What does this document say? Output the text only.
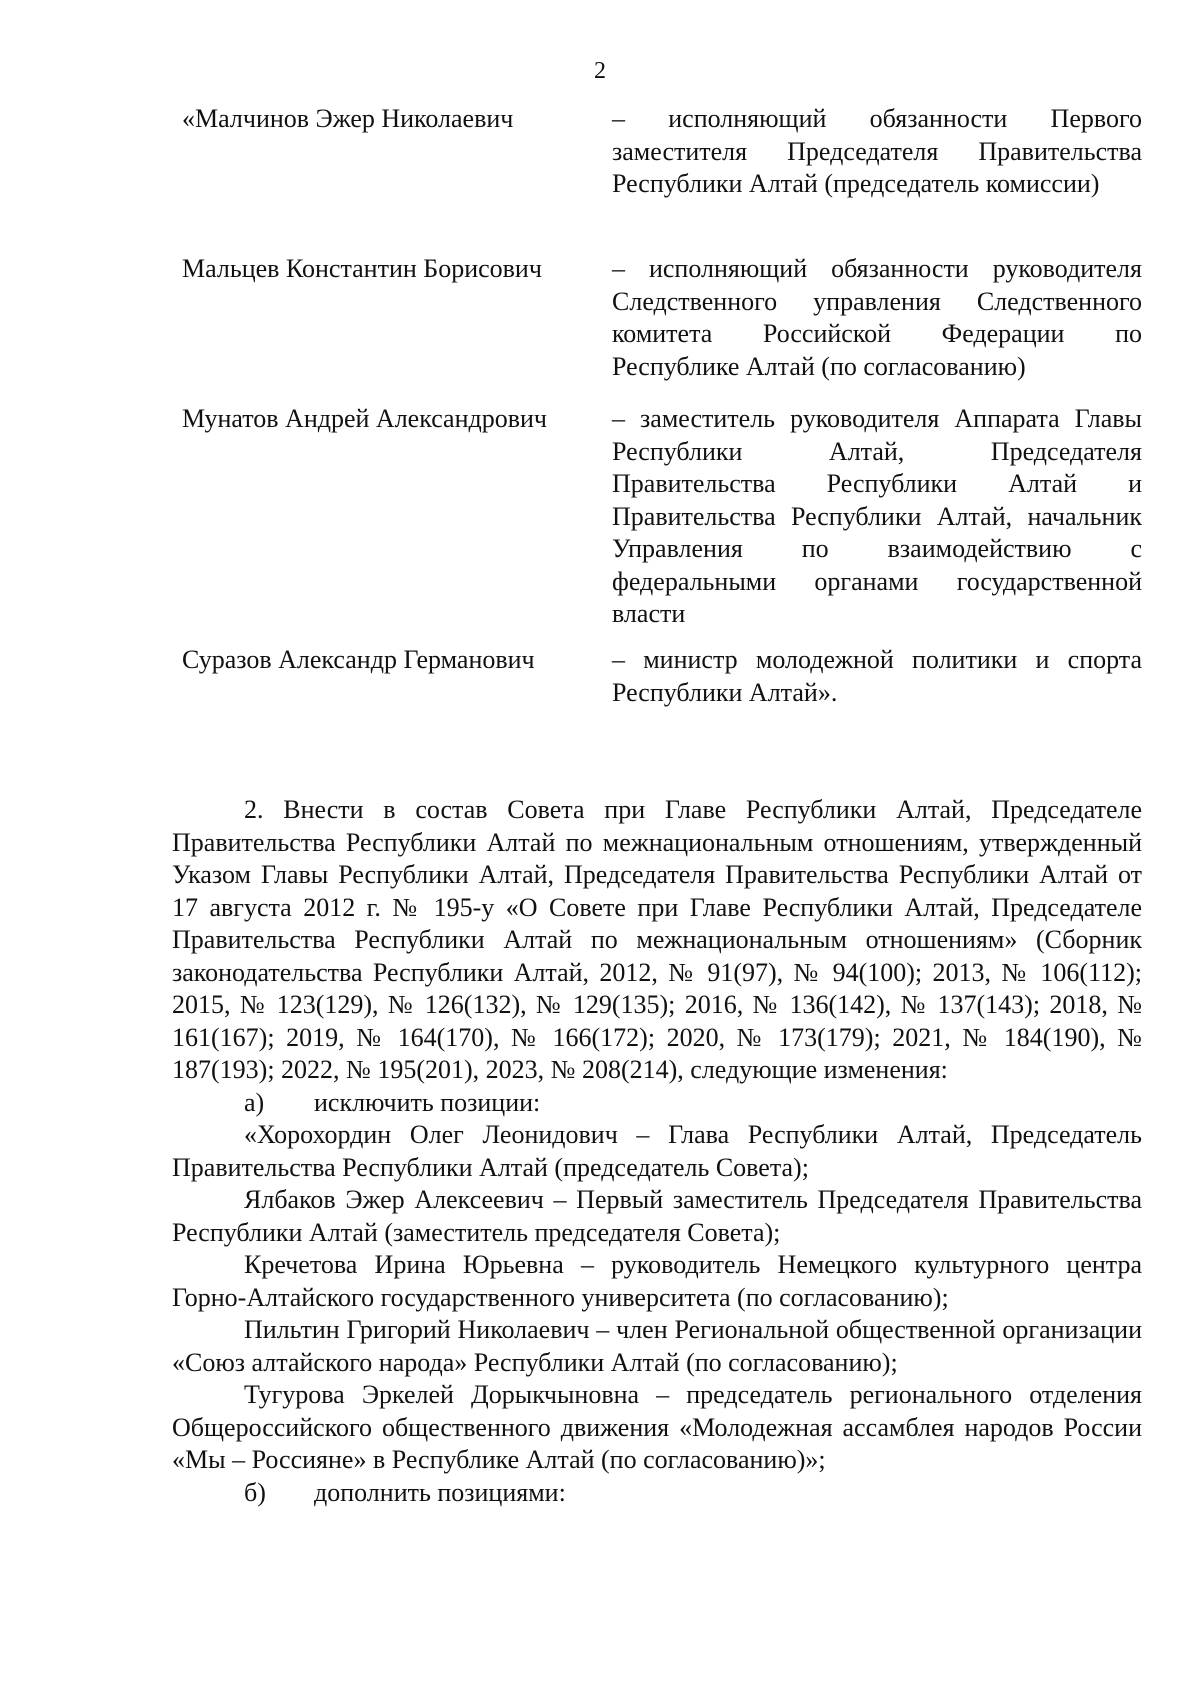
2
«Малчинов Эжер Николаевич	– исполняющий обязанности Первого заместителя Председателя Правительства Республики Алтай (председатель комиссии)
Мальцев Константин Борисович	– исполняющий обязанности руководителя Следственного управления Следственного комитета Российской Федерации по Республике Алтай (по согласованию)
Мунатов Андрей Александрович – заместитель руководителя Аппарата Главы Республики Алтай, Председателя Правительства Республики Алтай и Правительства Республики Алтай, начальник Управления по взаимодействию с федеральными органами государственной власти
Суразов Александр Германович	– министр молодежной политики и спорта Республики Алтай».

2. Внести в состав Совета при Главе Республики Алтай, Председателе Правительства Республики Алтай по межнациональным отношениям, утвержденный Указом Главы Республики Алтай, Председателя Правительства Республики Алтай от 17 августа 2012 г. № 195-у «О Совете при Главе Республики Алтай, Председателе Правительства Республики Алтай по межнациональным отношениям» (Сборник законодательства Республики Алтай, 2012, № 91(97), № 94(100); 2013, № 106(112); 2015, № 123(129), № 126(132), № 129(135); 2016, № 136(142), № 137(143); 2018, № 161(167); 2019, № 164(170), № 166(172); 2020, № 173(179); 2021, № 184(190), № 187(193); 2022, № 195(201), 2023, № 208(214), следующие изменения:

а) исключить позиции:

«Хорохордин Олег Леонидович – Глава Республики Алтай, Председатель Правительства Республики Алтай (председатель Совета);

Ялбаков Эжер Алексеевич – Первый заместитель Председателя Правительства Республики Алтай (заместитель председателя Совета);

Кречетова Ирина Юрьевна – руководитель Немецкого культурного центра Горно-Алтайского государственного университета (по согласованию);

Пильтин Григорий Николаевич – член Региональной общественной организации «Союз алтайского народа» Республики Алтай (по согласованию);

Тугурова Эркелей Дорыкчыновна – председатель регионального отделения Общероссийского общественного движения «Молодежная ассамблея народов России «Мы – Россияне» в Республике Алтай (по согласованию)»;

б) дополнить позициями:
